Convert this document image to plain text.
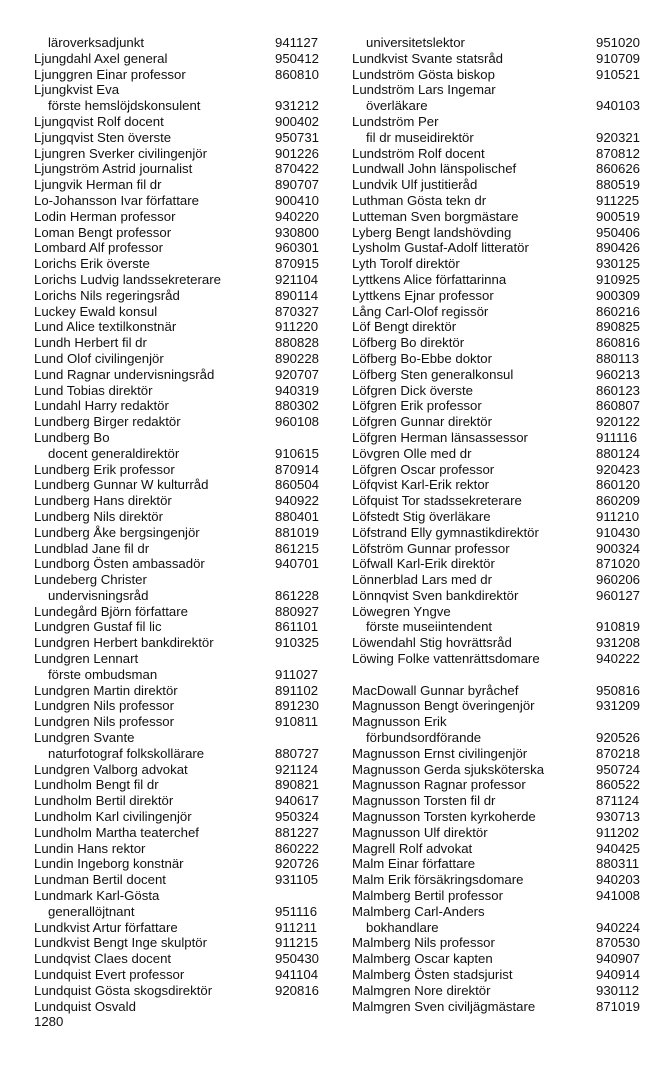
läroverksadjunkt	941127
Ljungdahl Axel general	950412
Ljunggren Einar professor	860810
Ljungkvist Eva
förste hemslöjdskonsulent	931212
Ljungqvist Rolf docent	900402
Ljungqvist Sten överste	950731
Ljungren Sverker civilingenjör	901226
Ljungström Astrid journalist	870422
Ljungvik Herman fil dr	890707
Lo-Johansson Ivar författare	900410
Lodin Herman professor	940220
Loman Bengt professor	930800
Lombard Alf professor	960301
Lorichs Erik överste	870915
Lorichs Ludvig landssekreterare	921104
Lorichs Nils regeringsråd	890114
Luckey Ewald konsul	870327
Lund Alice textilkonstnär	911220
Lundh Herbert fil dr	880828
Lund Olof civilingenjör	890228
Lund Ragnar undervisningsråd	920707
Lund Tobias direktör	940319
Lundahl Harry redaktör	880302
Lundberg Birger redaktör	960108
Lundberg Bo
docent generaldirektör	910615
Lundberg Erik professor	870914
Lundberg Gunnar W kulturråd	860504
Lundberg Hans direktör	940922
Lundberg Nils direktör	880401
Lundberg Åke bergsingenjör	881019
Lundblad Jane fil dr	861215
Lundborg Östen ambassadör	940701
Lundeberg Christer
undervisningsråd	861228
Lundegård Björn författare	880927
Lundgren Gustaf fil lic	861101
Lundgren Herbert bankdirektör	910325
Lundgren Lennart
förste ombudsman	911027
Lundgren Martin direktör	891102
Lundgren Nils professor	891230
Lundgren Nils professor	910811
Lundgren Svante
naturfotograf folkskollärare	880727
Lundgren Valborg advokat	921124
Lundholm Bengt fil dr	890821
Lundholm Bertil direktör	940617
Lundholm Karl civilingenjör	950324
Lundholm Martha teaterchef	881227
Lundin Hans rektor	860222
Lundin Ingeborg konstnär	920726
Lundman Bertil docent	931105
Lundmark Karl-Gösta
generallöjtnant	951116
Lundkvist Artur författare	911211
Lundkvist Bengt Inge skulptör	911215
Lundqvist Claes docent	950430
Lundquist Evert professor	941104
Lundquist Gösta skogsdirektör	920816
Lundquist Osvald
universitetslektor	951020
Lundkvist Svante statsråd	910709
Lundström Gösta biskop	910521
Lundström Lars Ingemar
överläkare	940103
Lundström Per
fil dr museidirektör	920321
Lundström Rolf docent	870812
Lundwall John länspolischef	860626
Lundvik Ulf justitieråd	880519
Luthman Gösta tekn dr	911225
Lutteman Sven borgmästare	900519
Lyberg Bengt landshövding	950406
Lysholm Gustaf-Adolf litteratör	890426
Lyth Torolf direktör	930125
Lyttkens Alice författarinna	910925
Lyttkens Ejnar professor	900309
Lång Carl-Olof regissör	860216
Löf Bengt direktör	890825
Löfberg Bo direktör	860816
Löfberg Bo-Ebbe doktor	880113
Löfberg Sten generalkonsul	960213
Löfgren Dick överste	860123
Löfgren Erik professor	860807
Löfgren Gunnar direktör	920122
Löfgren Herman länsassessor	911116
Lövgren Olle med dr	880124
Löfgren Oscar professor	920423
Löfqvist Karl-Erik rektor	860120
Löfquist Tor stadssekreterare	860209
Löfstedt Stig överläkare	911210
Löfstrand Elly gymnastikdirektör	910430
Löfström Gunnar professor	900324
Löfwall Karl-Erik direktör	871020
Lönnerblad Lars med dr	960206
Lönnqvist Sven bankdirektör	960127
Löwegren Yngve
förste museiintendent	910819
Löwendahl Stig hovrättsråd	931208
Löwing Folke vattenrättsdomare	940222
MacDowall Gunnar byråchef	950816
Magnusson Bengt överingenjör	931209
Magnusson Erik
förbundsordförande	920526
Magnusson Ernst civilingenjör	870218
Magnusson Gerda sjuksköterska	950724
Magnusson Ragnar professor	860522
Magnusson Torsten fil dr	871124
Magnusson Torsten kyrkoherde	930713
Magnusson Ulf direktör	911202
Magrell Rolf advokat	940425
Malm Einar författare	880311
Malm Erik försäkringsdomare	940203
Malmberg Bertil professor	941008
Malmberg Carl-Anders
bokhandlare	940224
Malmberg Nils professor	870530
Malmberg Oscar kapten	940907
Malmberg Östen stadsjurist	940914
Malmgren Nore direktör	930112
Malmgren Sven civiljägmästare	871019
1280
